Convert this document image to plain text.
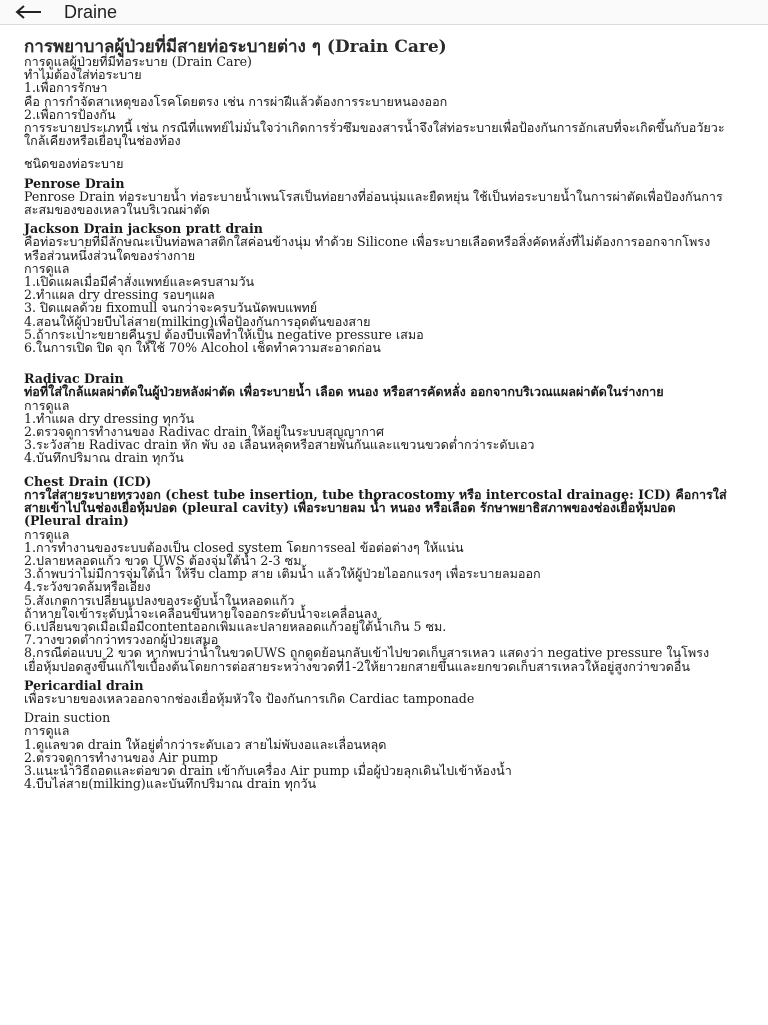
Draine
การพยาบาลผู้ป่วยที่มีสายท่อระบายต่าง ๆ (Drain Care)
การดูแลผู้ป่วยที่มีท่อระบาย (Drain Care)
ทำไมต้องใส่ท่อระบาย
1.เพื่อการรักษา
คือ การกำจัดสาเหตุของโรคโดยตรง เช่น การผ่าฝีแล้วต้องการระบายหนองออก
2.เพื่อการป้องกัน
การระบายประเภทนี้ เช่น กรณีที่แพทย์ไม่มั่นใจว่าเกิดการรั่วซึมของสารน้ำจึงใส่ท่อระบายเพื่อป้องกันการอักเสบที่จะเกิดขึ้นกับอวัยวะใกล้เคียงหรือเยื่อบุในช่องท้อง
ชนิดของท่อระบาย
Penrose Drain
Penrose Drain ท่อระบายน้ำ ท่อระบายน้ำเพนโรสเป็นท่อยางที่อ่อนนุ่มและยืดหยุ่น ใช้เป็นท่อระบายน้ำในการผ่าตัดเพื่อป้องกันการสะสมของของเหลวในบริเวณผ่าตัด
Jackson Drain jackson pratt drain
คือท่อระบายที่มีลักษณะเป็นท่อพลาสติกใสค่อนข้างนุ่ม ทำด้วย Silicone เพื่อระบายเลือดหรือสิ่งคัดหลั่งที่ไม่ต้องการออกจากโพรงหรือส่วนหนึ่งส่วนใดของร่างกาย
การดูแล
1.เปิดแผลเมื่อมีคำสั่งแพทย์และครบสามวัน
2.ทำแผล dry dressing รอบๆแผล
3. ปิดแผลด้วย fixomull จนกว่าจะครบวันนัดพบแพทย์
4.สอนให้ผู้ป่วยบีบไล่สาย(milking)เพื่อป้องกันการอุดตันของสาย
5.ถ้ากระเปาะขยายคืนรูป ต้องบีบเพื่อทำให้เป็น negative pressure เสมอ
6.ในการเปิด ปิด จุก ให้ใช้ 70% Alcohol เช็ดทำความสะอาดก่อน
Radivac Drain
ท่อที่ใส่ใกล้แผลผ่าตัดในผู้ป่วยหลังผ่าตัด เพื่อระบายน้ำ เลือด หนอง หรือสารคัดหลั่ง ออกจากบริเวณแผลผ่าตัดในร่างกาย
การดูแล
1.ทำแผล dry dressing ทุกวัน
2.ตรวจดูการทำงานของ Radivac drain ให้อยู่ในระบบสุญญากาศ
3.ระวังสาย Radivac drain หัก พับ งอ เลื่อนหลุดหรือสายพันกันและแขวนขวดต่ำกว่าระดับเอว
4.บันทึกปริมาณ drain ทุกวัน
Chest Drain (ICD)
การใส่สายระบายทรวงอก (chest tube insertion, tube thoracostomy หรือ intercostal drainage: ICD) คือการใส่สายเข้าไปในช่องเยื่อหุ้มปอด (pleural cavity) เพื่อระบายลม น้ำ หนอง หรือเลือด รักษาพยาธิสภาพของช่องเยื่อหุ้มปอด (Pleural drain)
การดูแล
1.การทำงานของระบบต้องเป็น closed system โดยการseal ข้อต่อต่างๆ ให้แน่น
2.ปลายหลอดแก้ว ขวด UWS ต้องจุ่มใต้น้ำ 2-3 ซม
3.ถ้าพบว่าไม่มีการจุ่มใต้น้ำ ให้รีบ clamp สาย เติมน้ำ แล้วให้ผู้ป่วยไออกแรงๆ เพื่อระบายลมออก
4.ระวังขวดล้มหรือเอียง
5.สังเกตการเปลี่ยนแปลงของระดับน้ำในหลอดแก้ว
ถ้าหายใจเข้าระดับน้ำจะเคลื่อนขึ้นหายใจออกระดับน้ำจะเคลื่อนลง
6.เปลี่ยนขวดเมื่อเมื่อมีcontentออกเพิ่มและปลายหลอดแก้วอยู่ใต้น้ำเกิน 5 ซม.
7.วางขวดต่ำกว่าทรวงอกผู้ป่วยเสมอ
8.กรณีต่อแบบ 2 ขวด หากพบว่าน้ำในขวดUWS ถูกดูดย้อนกลับเข้าไปขวดเก็บสารเหลว แสดงว่า negative pressure ในโพรงเยื่อหุ้มปอดสูงขึ้นแก้ไขเบื้องต้นโดยการต่อสายระหว่างขวดที่1-2ให้ยาวยกสายขึ้นและยกขวดเก็บสารเหลวให้อยู่สูงกว่าขวดอื่น
Pericardial drain
เพื่อระบายของเหลวออกจากช่องเยื่อหุ้มหัวใจ ป้องกันการเกิด Cardiac tamponade
Drain suction
การดูแล
1.ดูแลขวด drain ให้อยู่ต่ำกว่าระดับเอว สายไม่พับงอและเลื่อนหลุด
2.ตรวจดูการทำงานของ Air pump
3.แนะนำวิธีถอดและต่อขวด drain เข้ากับเครื่อง Air pump เมื่อผู้ป่วยลุกเดินไปเข้าห้องน้ำ
4.บีบไล่สาย(milking)และบันทึกปริมาณ drain ทุกวัน
